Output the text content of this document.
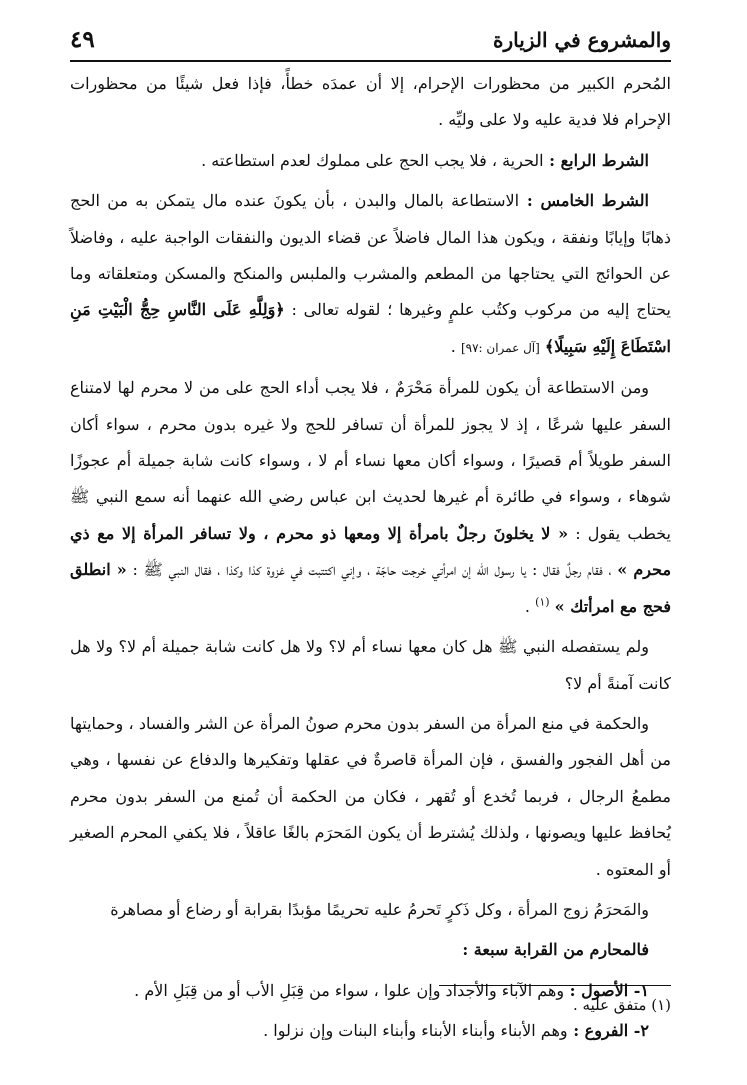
والمشروع في الزيارة
٤٩

المُحرم الكبير من محظورات الإحرام، إلا أن عمدَه خطأً، فإذا فعل شيئًا من محظورات الإحرام فلا فدية عليه ولا على وليِّه .

الشرط الرابع : الحرية ، فلا يجب الحج على مملوك لعدم استطاعته .

الشرط الخامس : الاستطاعة بالمال والبدن ، بأن يكونَ عنده مال يتمكن به من الحج ذهابًا وإيابًا ونفقة ، ويكون هذا المال فاضلاً عن قضاء الديون والنفقات الواجبة عليه ، وفاضلاً عن الحوائج التي يحتاجها من المطعم والمشرب والملبس والمنكح والمسكن ومتعلقاته وما يحتاج إليه من مركوب وكتُب علمٍ وغيرها ؛ لقوله تعالى : ﴿وَلِلَّهِ عَلَى النَّاسِ حِجُّ الْبَيْتِ مَنِ اسْتَطَاعَ إِلَيْهِ سَبِيلًا﴾ [آل عمران :٩٧] .

ومن الاستطاعة أن يكون للمرأة مَحْرَمٌ ، فلا يجب أداء الحج على من لا محرم لها لامتناع السفر عليها شرعًا ، إذ لا يجوز للمرأة أن تسافر للحج ولا غيره بدون محرم ، سواء أكان السفر طويلاً أم قصيرًا ، وسواء أكان معها نساء أم لا ، وسواء كانت شابة جميلة أم عجوزًا شوهاء ، وسواء في طائرة أم غيرها لحديث ابن عباس رضي الله عنهما أنه سمع النبي ﷺ يخطب يقول : « لا يخلونَ رجلٌ بامرأة إلا ومعها ذو محرم ، ولا تسافر المرأة إلا مع ذي محرم » ، فقام رجلٌ فقال : يا رسول الله إن امرأتي خرجت حاجّة ، وإني اكتتبت في غزوة كذا وكذا ، فقال النبي ﷺ : « انطلق فحج مع امرأتك » $^{(١)}$ .

ولم يستفصله النبي ﷺ هل كان معها نساء أم لا؟ ولا هل كانت شابة جميلة أم لا؟ ولا هل كانت آمنةً أم لا؟

والحكمة في منع المرأة من السفر بدون محرم صونُ المرأة عن الشر والفساد ، وحمايتها من أهل الفجور والفسق ، فإن المرأة قاصرةٌ في عقلها وتفكيرها والدفاع عن نفسها ، وهي مطمعُ الرجال ، فربما تُخدع أو تُقهر ، فكان من الحكمة أن تُمنع من السفر بدون محرم يُحافظ عليها ويصونها ، ولذلك يُشترط أن يكون المَحرَم بالغًا عاقلاً ، فلا يكفي المحرم الصغير أو المعتوه .

والمَحرَمُ زوج المرأة ، وكل ذَكرٍ تَحرمُ عليه تحريمًا مؤبدًا بقرابة أو رضاع أو مصاهرة

فالمحارم من القرابة سبعة :

١- الأصول : وهم الآباء والأجداد وإن علوا ، سواء من قِبَلِ الأب أو من قِبَلِ الأم .

٢- الفروع : وهم الأبناء وأبناء الأبناء وأبناء البنات وإن نزلوا .

(١) متفق عليه .
